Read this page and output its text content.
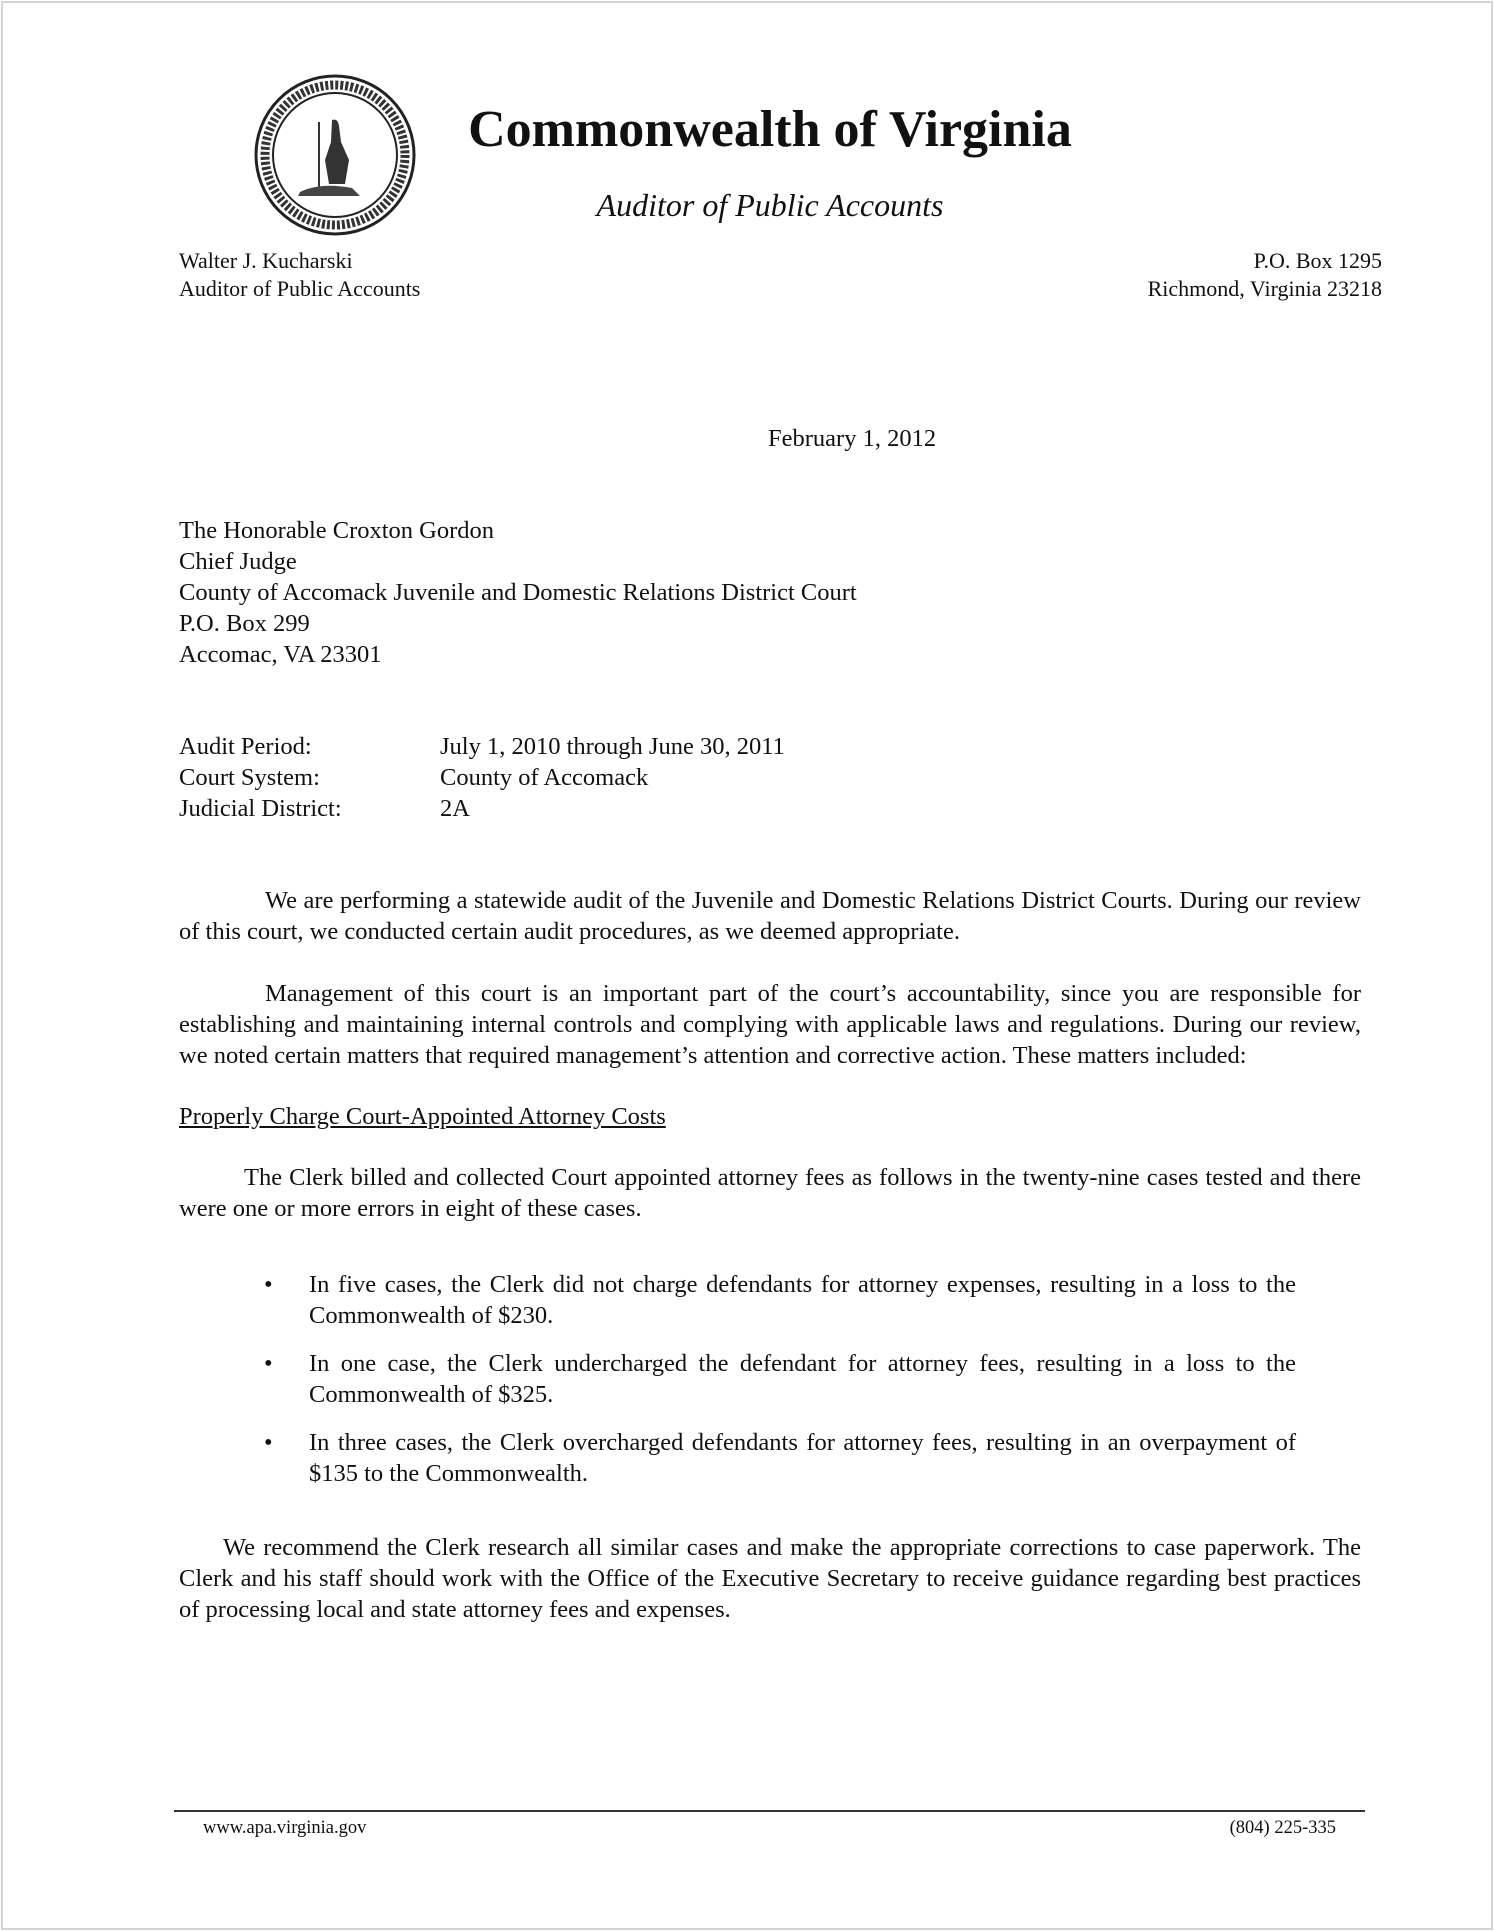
Commonwealth of Virginia
Auditor of Public Accounts
Walter J. Kucharski
Auditor of Public Accounts
P.O. Box 1295
Richmond, Virginia 23218
February 1, 2012
The Honorable Croxton Gordon
Chief Judge
County of Accomack Juvenile and Domestic Relations District Court
P.O. Box 299
Accomac, VA 23301
Audit Period:	July 1, 2010 through June 30, 2011
Court System:	County of Accomack
Judicial District:	2A
We are performing a statewide audit of the Juvenile and Domestic Relations District Courts. During our review of this court, we conducted certain audit procedures, as we deemed appropriate.
Management of this court is an important part of the court’s accountability, since you are responsible for establishing and maintaining internal controls and complying with applicable laws and regulations. During our review, we noted certain matters that required management’s attention and corrective action. These matters included:
Properly Charge Court-Appointed Attorney Costs
The Clerk billed and collected Court appointed attorney fees as follows in the twenty-nine cases tested and there were one or more errors in eight of these cases.
• In five cases, the Clerk did not charge defendants for attorney expenses, resulting in a loss to the Commonwealth of $230.
• In one case, the Clerk undercharged the defendant for attorney fees, resulting in a loss to the Commonwealth of $325.
• In three cases, the Clerk overcharged defendants for attorney fees, resulting in an overpayment of $135 to the Commonwealth.
We recommend the Clerk research all similar cases and make the appropriate corrections to case paperwork. The Clerk and his staff should work with the Office of the Executive Secretary to receive guidance regarding best practices of processing local and state attorney fees and expenses.
www.apa.virginia.gov	(804) 225-335
